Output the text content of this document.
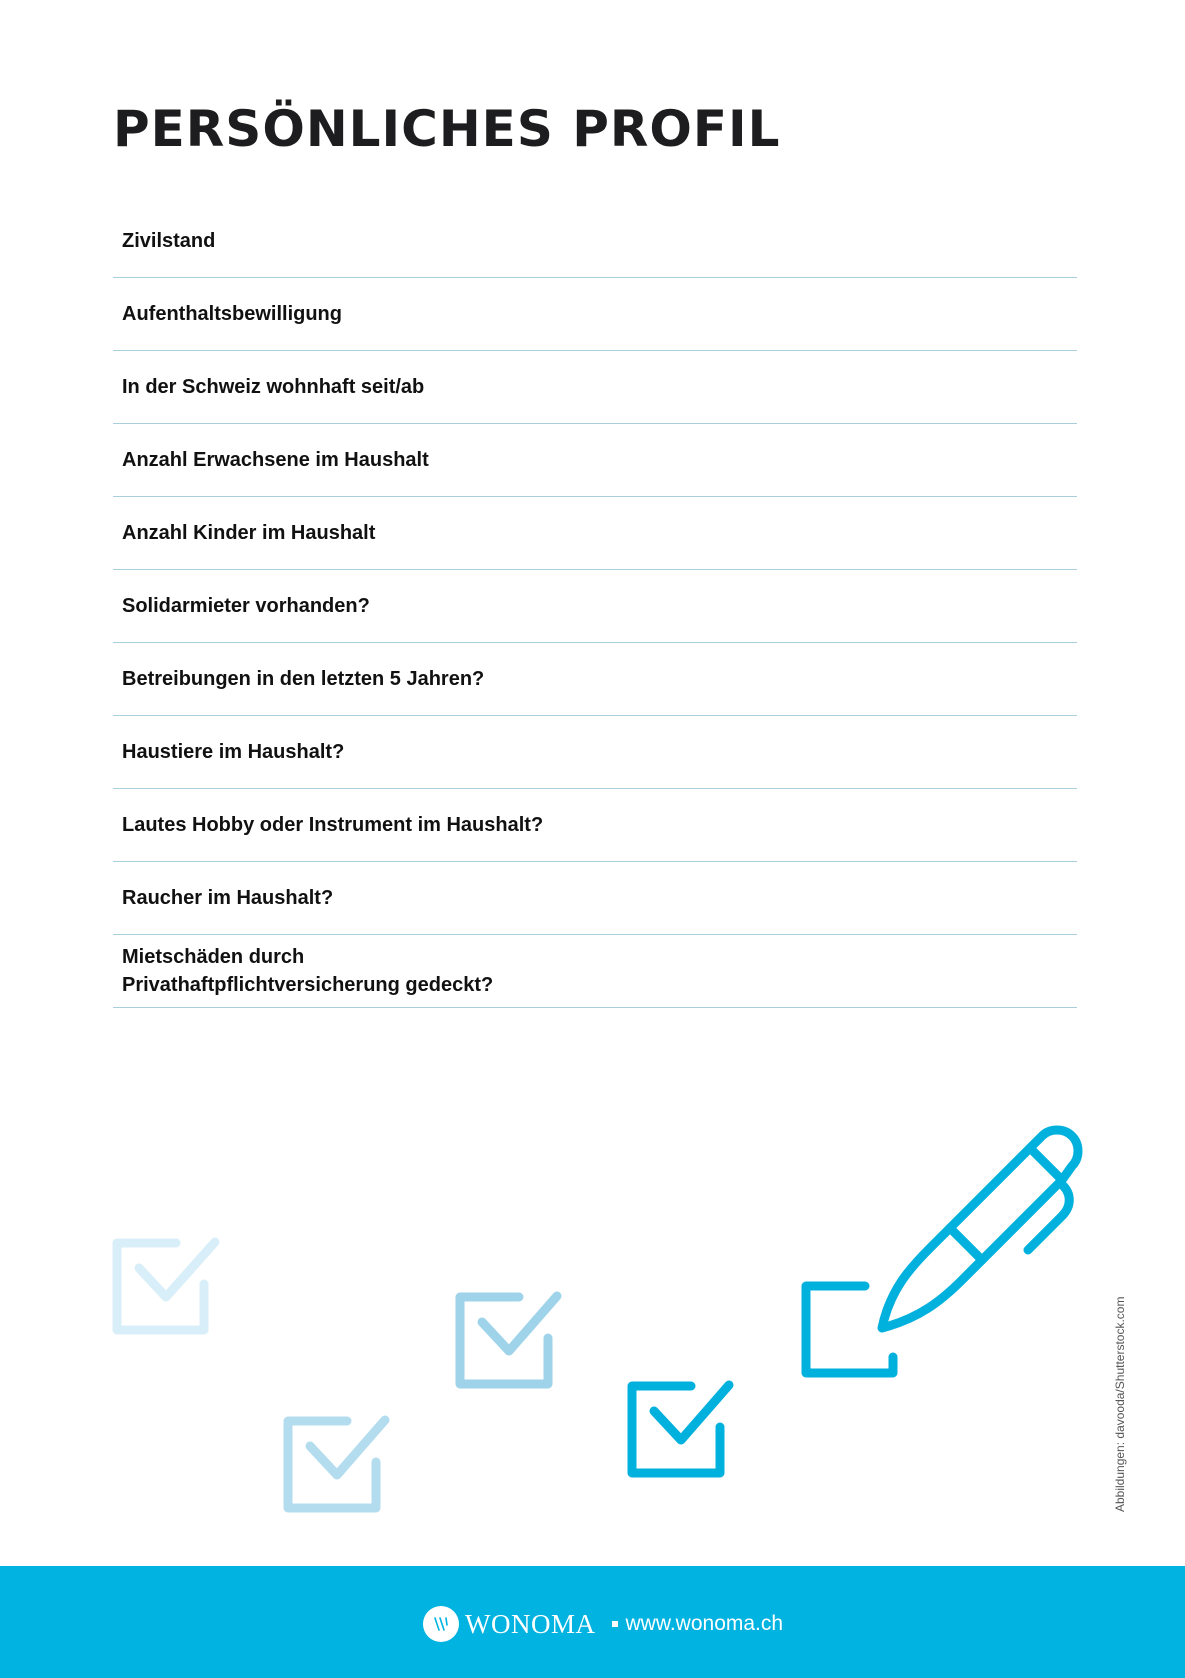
PERSÖNLICHES PROFIL
Zivilstand
Aufenthaltsbewilligung
In der Schweiz wohnhaft seit/ab
Anzahl Erwachsene im Haushalt
Anzahl Kinder im Haushalt
Solidarmieter vorhanden?
Betreibungen in den letzten 5 Jahren?
Haustiere im Haushalt?
Lautes Hobby oder Instrument im Haushalt?
Raucher im Haushalt?
Mietschäden durch
Privathaftpflichtversicherung gedeckt?
Abbildungen: davooda/Shutterstock.com
WONOMA www.wonoma.ch
